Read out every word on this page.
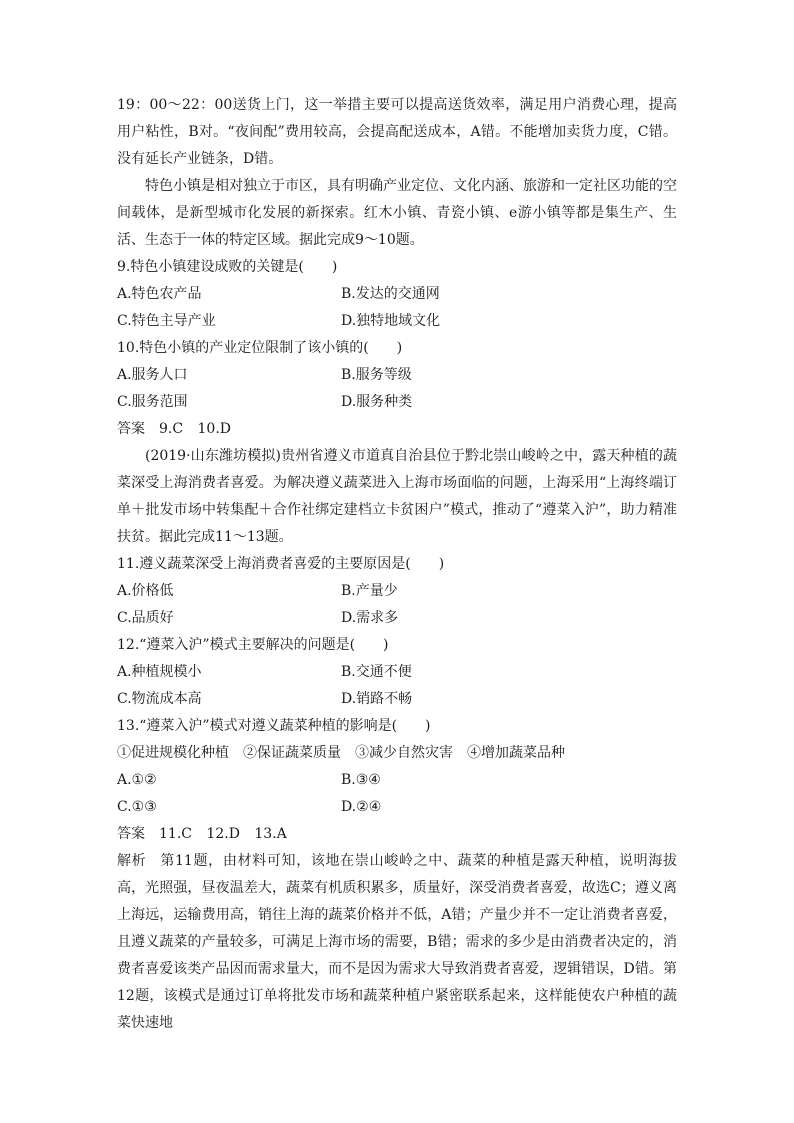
19：00～22：00送货上门，这一举措主要可以提高送货效率，满足用户消费心理，提高用户粘性，B对。“夜间配”费用较高，会提高配送成本，A错。不能增加卖货力度，C错。没有延长产业链条，D错。
特色小镇是相对独立于市区，具有明确产业定位、文化内涵、旅游和一定社区功能的空间载体，是新型城市化发展的新探索。红木小镇、青瓷小镇、e游小镇等都是集生产、生活、生态于一体的特定区域。据此完成9～10题。
9.特色小镇建设成败的关键是(　　)
A.特色农产品	B.发达的交通网
C.特色主导产业	D.独特地域文化
10.特色小镇的产业定位限制了该小镇的(　　)
A.服务人口	B.服务等级
C.服务范围	D.服务种类
答案 9.C 10.D
(2019·山东潍坊模拟)贵州省遵义市道真自治县位于黔北崇山峻岭之中，露天种植的蔬菜深受上海消费者喜爱。为解决遵义蔬菜进入上海市场面临的问题，上海采用“上海终端订单＋批发市场中转集配＋合作社绑定建档立卡贫困户”模式，推动了“遵菜入沪”，助力精准扶贫。据此完成11～13题。
11.遵义蔬菜深受上海消费者喜爱的主要原因是(　　)
A.价格低	B.产量少
C.品质好	D.需求多
12.“遵菜入沪”模式主要解决的问题是(　　)
A.种植规模小	B.交通不便
C.物流成本高	D.销路不畅
13.“遵菜入沪”模式对遵义蔬菜种植的影响是(　　)
①促进规模化种植　②保证蔬菜质量　③减少自然灾害　④增加蔬菜品种
A.①②	B.③④
C.①③	D.②④
答案 11.C 12.D 13.A
解析 第11题，由材料可知，该地在崇山峻岭之中、蔬菜的种植是露天种植，说明海拔高，光照强，昼夜温差大，蔬菜有机质积累多，质量好，深受消费者喜爱，故选C；遵义离上海远，运输费用高，销往上海的蔬菜价格并不低，A错；产量少并不一定让消费者喜爱，且遵义蔬菜的产量较多，可满足上海市场的需要，B错；需求的多少是由消费者决定的，消费者喜爱该类产品因而需求量大，而不是因为需求大导致消费者喜爱，逻辑错误，D错。第12题，该模式是通过订单将批发市场和蔬菜种植户紧密联系起来，这样能使农户种植的蔬菜快速地
